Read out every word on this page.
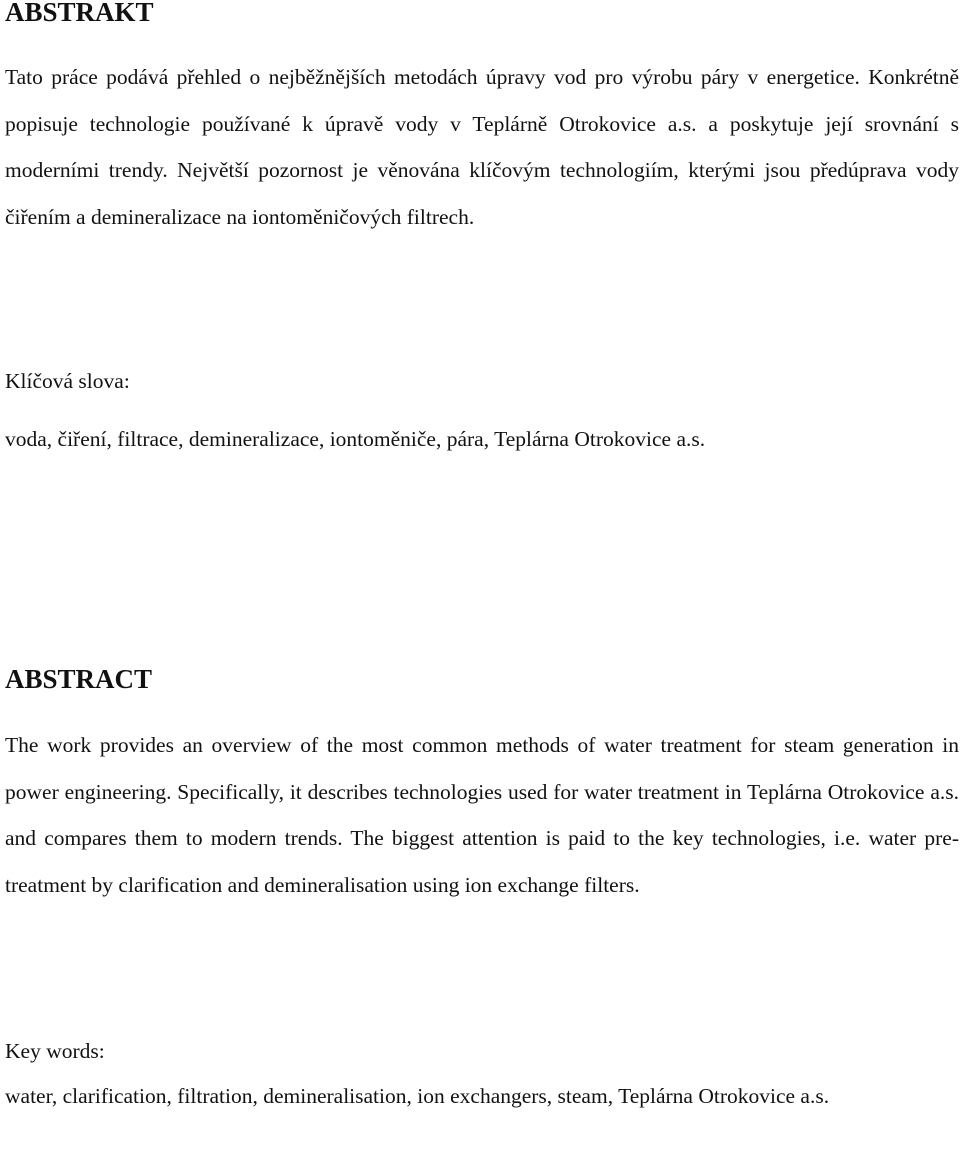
ABSTRAKT

Tato práce podává přehled o nejběžnějších metodách úpravy vod pro výrobu páry v energetice. Konkrétně popisuje technologie používané k úpravě vody v Teplárně Otrokovice a.s. a poskytuje její srovnání s moderními trendy. Největší pozornost je věnována klíčovým technologiím, kterými jsou předúprava vody čiřením a demineralizace na iontoměničových filtrech.

Klíčová slova:

voda, čiření, filtrace, demineralizace, iontoměniče, pára, Teplárna Otrokovice a.s.

ABSTRACT

The work provides an overview of the most common methods of water treatment for steam generation in power engineering. Specifically, it describes technologies used for water treatment in Teplárna Otrokovice a.s. and compares them to modern trends. The biggest attention is paid to the key technologies, i.e. water pre-treatment by clarification and demineralisation using ion exchange filters.

Key words:

water, clarification, filtration, demineralisation, ion exchangers, steam, Teplárna Otrokovice a.s.
